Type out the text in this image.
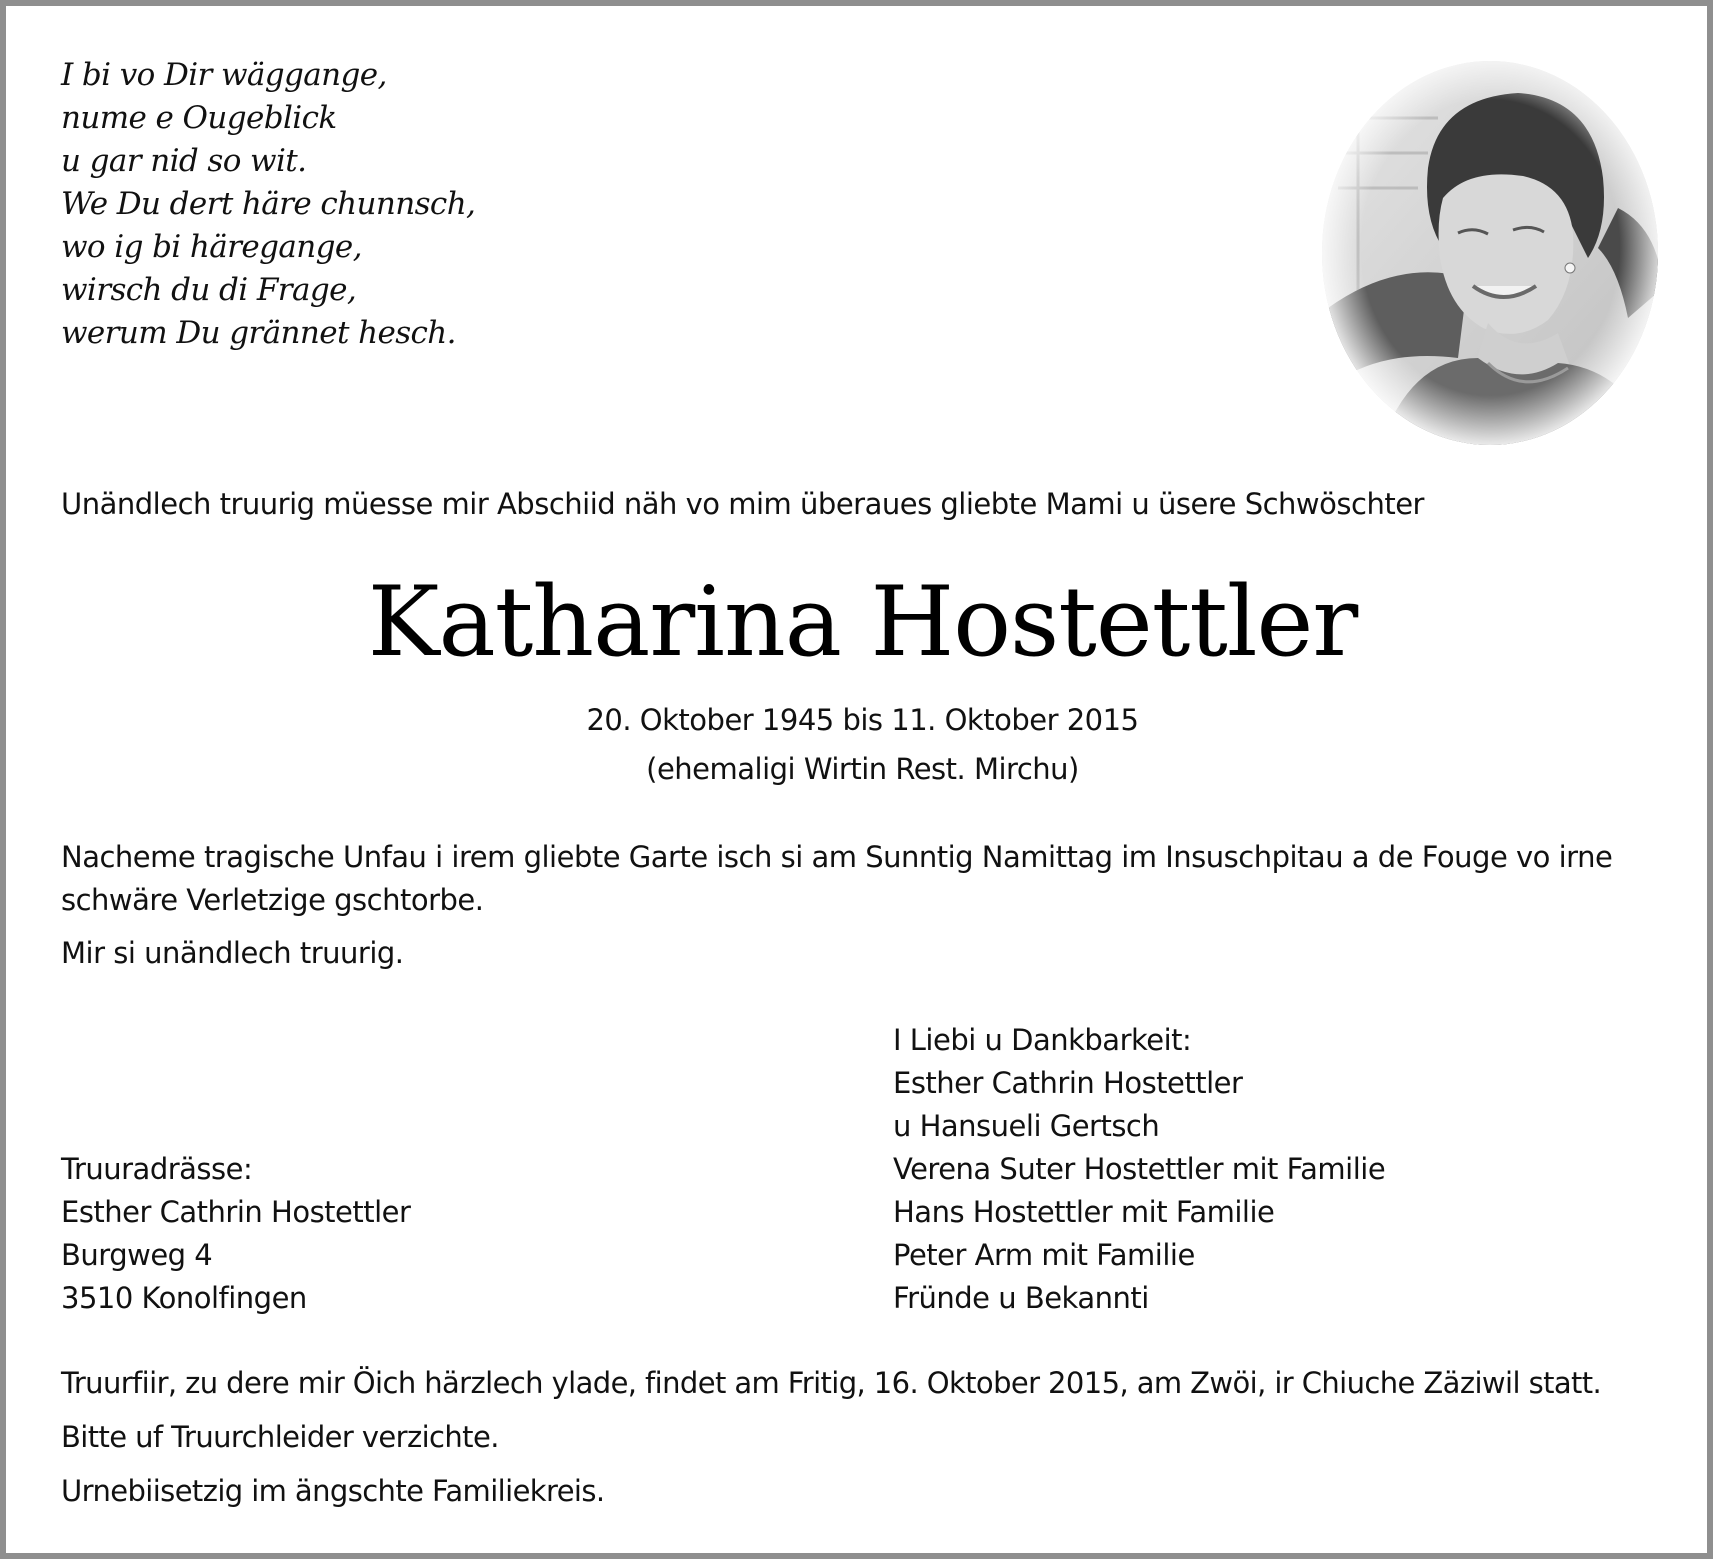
I bi vo Dir wäggange,
nume e Ougeblick
u gar nid so wit.
We Du dert häre chunnsch,
wo ig bi häregange,
wirsch du di Frage,
werum Du grännet hesch.
Unändlech truurig müesse mir Abschiid näh vo mim überaues gliebte Mami u üsere Schwöschter
Katharina Hostettler
20. Oktober 1945 bis 11. Oktober 2015
(ehemaligi Wirtin Rest. Mirchu)
Nacheme tragische Unfau i irem gliebte Garte isch si am Sunntig Namittag im Insuschpitau a de Fouge vo irne schwäre Verletzige gschtorbe.
Mir si unändlech truurig.
I Liebi u Dankbarkeit:
Esther Cathrin Hostettler
u Hansueli Gertsch
Verena Suter Hostettler mit Familie
Hans Hostettler mit Familie
Peter Arm mit Familie
Fründe u Bekannti
Truuradrässe:
Esther Cathrin Hostettler
Burgweg 4
3510 Konolfingen
Truurfiir, zu dere mir Öich härzlech ylade, findet am Fritig, 16. Oktober 2015, am Zwöi, ir Chiuche Zäziwil statt.
Bitte uf Truurchleider verzichte.
Urnebiisetzig im ängschte Familiekreis.
